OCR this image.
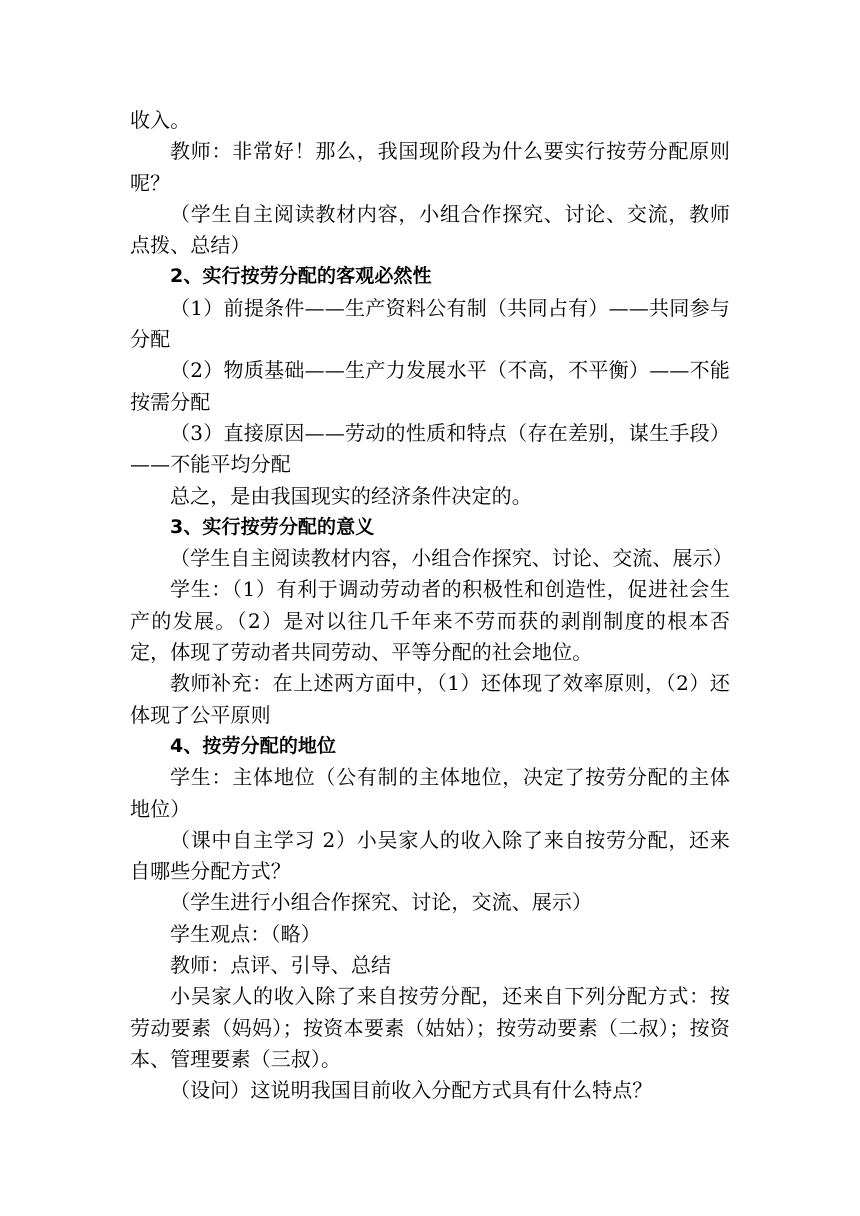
收入。

教师：非常好！那么，我国现阶段为什么要实行按劳分配原则呢？

（学生自主阅读教材内容，小组合作探究、讨论、交流，教师点拨、总结）

2、实行按劳分配的客观必然性

（1）前提条件——生产资料公有制（共同占有）——共同参与分配

（2）物质基础——生产力发展水平（不高，不平衡）——不能按需分配

（3）直接原因——劳动的性质和特点（存在差别，谋生手段）——不能平均分配

总之，是由我国现实的经济条件决定的。

3、实行按劳分配的意义

（学生自主阅读教材内容，小组合作探究、讨论、交流、展示）

学生：（1）有利于调动劳动者的积极性和创造性，促进社会生产的发展。（2）是对以往几千年来不劳而获的剥削制度的根本否定，体现了劳动者共同劳动、平等分配的社会地位。

教师补充：在上述两方面中，（1）还体现了效率原则，（2）还体现了公平原则

4、按劳分配的地位

学生：主体地位（公有制的主体地位，决定了按劳分配的主体地位）

（课中自主学习 2）小吴家人的收入除了来自按劳分配，还来自哪些分配方式？

（学生进行小组合作探究、讨论，交流、展示）

学生观点：（略）

教师：点评、引导、总结

小吴家人的收入除了来自按劳分配，还来自下列分配方式：按劳动要素（妈妈）；按资本要素（姑姑）；按劳动要素（二叔）；按资本、管理要素（三叔）。

（设问）这说明我国目前收入分配方式具有什么特点？
